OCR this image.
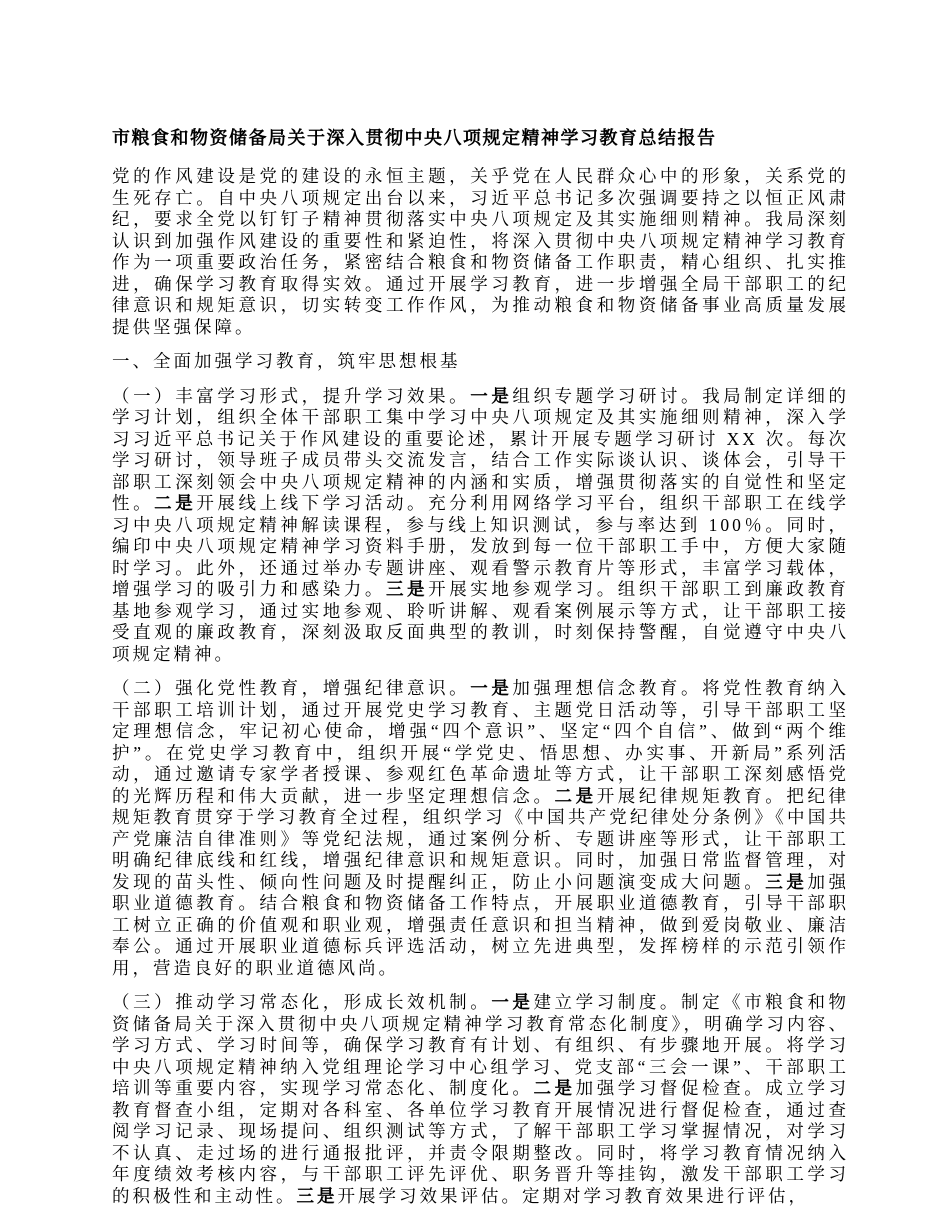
市粮食和物资储备局关于深入贯彻中央八项规定精神学习教育总结报告

党的作风建设是党的建设的永恒主题，关乎党在人民群众心中的形象，关系党的生死存亡。自中央八项规定出台以来，习近平总书记多次强调要持之以恒正风肃纪，要求全党以钉钉子精神贯彻落实中央八项规定及其实施细则精神。我局深刻认识到加强作风建设的重要性和紧迫性，将深入贯彻中央八项规定精神学习教育作为一项重要政治任务，紧密结合粮食和物资储备工作职责，精心组织、扎实推进，确保学习教育取得实效。通过开展学习教育，进一步增强全局干部职工的纪律意识和规矩意识，切实转变工作作风，为推动粮食和物资储备事业高质量发展提供坚强保障。

一、全面加强学习教育，筑牢思想根基

（一）丰富学习形式，提升学习效果。一是组织专题学习研讨。我局制定详细的学习计划，组织全体干部职工集中学习中央八项规定及其实施细则精神，深入学习习近平总书记关于作风建设的重要论述，累计开展专题学习研讨 XX 次。每次学习研讨，领导班子成员带头交流发言，结合工作实际谈认识、谈体会，引导干部职工深刻领会中央八项规定精神的内涵和实质，增强贯彻落实的自觉性和坚定性。二是开展线上线下学习活动。充分利用网络学习平台，组织干部职工在线学习中央八项规定精神解读课程，参与线上知识测试，参与率达到 100％。同时，编印中央八项规定精神学习资料手册，发放到每一位干部职工手中，方便大家随时学习。此外，还通过举办专题讲座、观看警示教育片等形式，丰富学习载体，增强学习的吸引力和感染力。三是开展实地参观学习。组织干部职工到廉政教育基地参观学习，通过实地参观、聆听讲解、观看案例展示等方式，让干部职工接受直观的廉政教育，深刻汲取反面典型的教训，时刻保持警醒，自觉遵守中央八项规定精神。

（二）强化党性教育，增强纪律意识。一是加强理想信念教育。将党性教育纳入干部职工培训计划，通过开展党史学习教育、主题党日活动等，引导干部职工坚定理想信念，牢记初心使命，增强“四个意识”、坚定“四个自信”、做到“两个维护”。在党史学习教育中，组织开展“学党史、悟思想、办实事、开新局”系列活动，通过邀请专家学者授课、参观红色革命遗址等方式，让干部职工深刻感悟党的光辉历程和伟大贡献，进一步坚定理想信念。二是开展纪律规矩教育。把纪律规矩教育贯穿于学习教育全过程，组织学习《中国共产党纪律处分条例》《中国共产党廉洁自律准则》等党纪法规，通过案例分析、专题讲座等形式，让干部职工明确纪律底线和红线，增强纪律意识和规矩意识。同时，加强日常监督管理，对发现的苗头性、倾向性问题及时提醒纠正，防止小问题演变成大问题。三是加强职业道德教育。结合粮食和物资储备工作特点，开展职业道德教育，引导干部职工树立正确的价值观和职业观，增强责任意识和担当精神，做到爱岗敬业、廉洁奉公。通过开展职业道德标兵评选活动，树立先进典型，发挥榜样的示范引领作用，营造良好的职业道德风尚。

（三）推动学习常态化，形成长效机制。一是建立学习制度。制定《市粮食和物资储备局关于深入贯彻中央八项规定精神学习教育常态化制度》，明确学习内容、学习方式、学习时间等，确保学习教育有计划、有组织、有步骤地开展。将学习中央八项规定精神纳入党组理论学习中心组学习、党支部“三会一课”、干部职工培训等重要内容，实现学习常态化、制度化。二是加强学习督促检查。成立学习教育督查小组，定期对各科室、各单位学习教育开展情况进行督促检查，通过查阅学习记录、现场提问、组织测试等方式，了解干部职工学习掌握情况，对学习不认真、走过场的进行通报批评，并责令限期整改。同时，将学习教育情况纳入年度绩效考核内容，与干部职工评先评优、职务晋升等挂钩，激发干部职工学习的积极性和主动性。三是开展学习效果评估。定期对学习教育效果进行评估，
